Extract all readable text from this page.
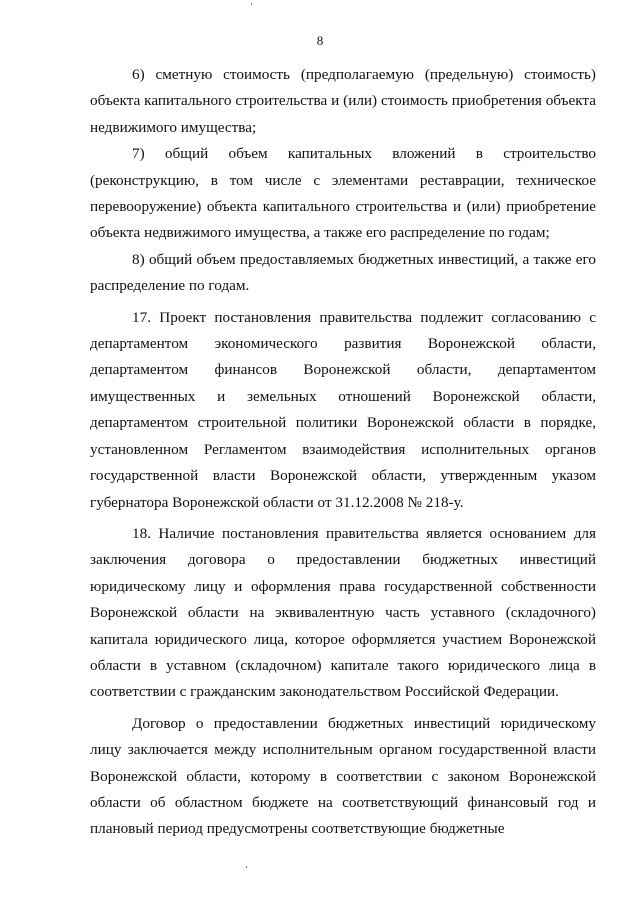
8

6) сметную стоимость (предполагаемую (предельную) стоимость) объекта капитального строительства и (или) стоимость приобретения объекта недвижимого имущества;

7) общий объем капитальных вложений в строительство (реконструкцию, в том числе с элементами реставрации, техническое перевооружение) объекта капитального строительства и (или) приобретение объекта недвижимого имущества, а также его распределение по годам;

8) общий объем предоставляемых бюджетных инвестиций, а также его распределение по годам.

17. Проект постановления правительства подлежит согласованию с департаментом экономического развития Воронежской области, департаментом финансов Воронежской области, департаментом имущественных и земельных отношений Воронежской области, департаментом строительной политики Воронежской области в порядке, установленном Регламентом взаимодействия исполнительных органов государственной власти Воронежской области, утвержденным указом губернатора Воронежской области от 31.12.2008 № 218-у.

18. Наличие постановления правительства является основанием для заключения договора о предоставлении бюджетных инвестиций юридическому лицу и оформления права государственной собственности Воронежской области на эквивалентную часть уставного (складочного) капитала юридического лица, которое оформляется участием Воронежской области в уставном (складочном) капитале такого юридического лица в соответствии с гражданским законодательством Российской Федерации.

Договор о предоставлении бюджетных инвестиций юридическому лицу заключается между исполнительным органом государственной власти Воронежской области, которому в соответствии с законом Воронежской области об областном бюджете на соответствующий финансовый год и плановый период предусмотрены соответствующие бюджетные
